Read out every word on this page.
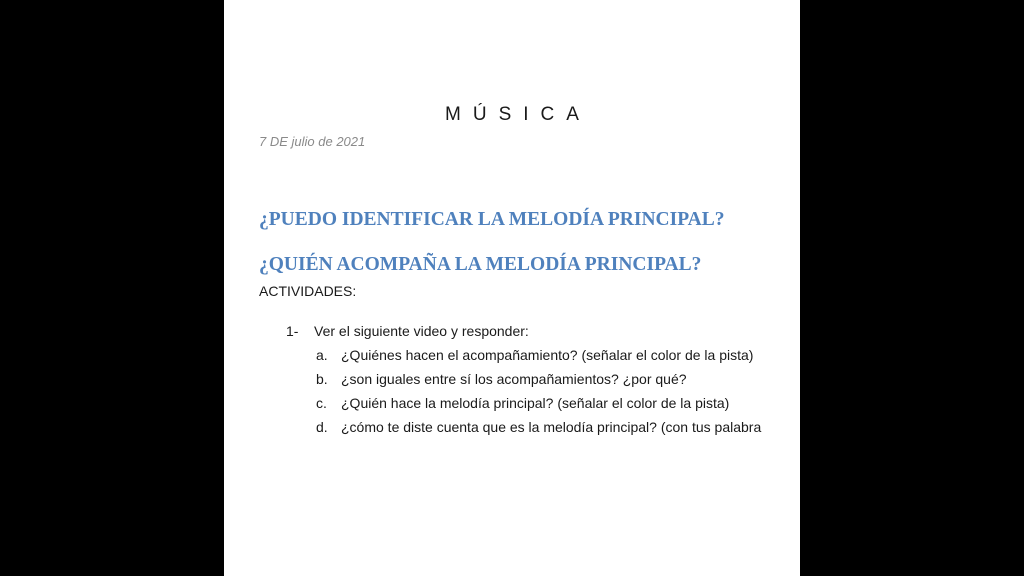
MÚSICA
7 DE julio de 2021
¿PUEDO IDENTIFICAR LA MELODÍA PRINCIPAL?
¿QUIÉN ACOMPAÑA LA MELODÍA PRINCIPAL?
ACTIVIDADES:
1- Ver el siguiente video y responder:
a. ¿Quiénes hacen el acompañamiento? (señalar el color de la pista)
b. ¿son iguales entre sí los acompañamientos? ¿por qué?
c. ¿Quién hace la melodía principal? (señalar el color de la pista)
d. ¿cómo te diste cuenta que es la melodía principal? (con tus palabra
